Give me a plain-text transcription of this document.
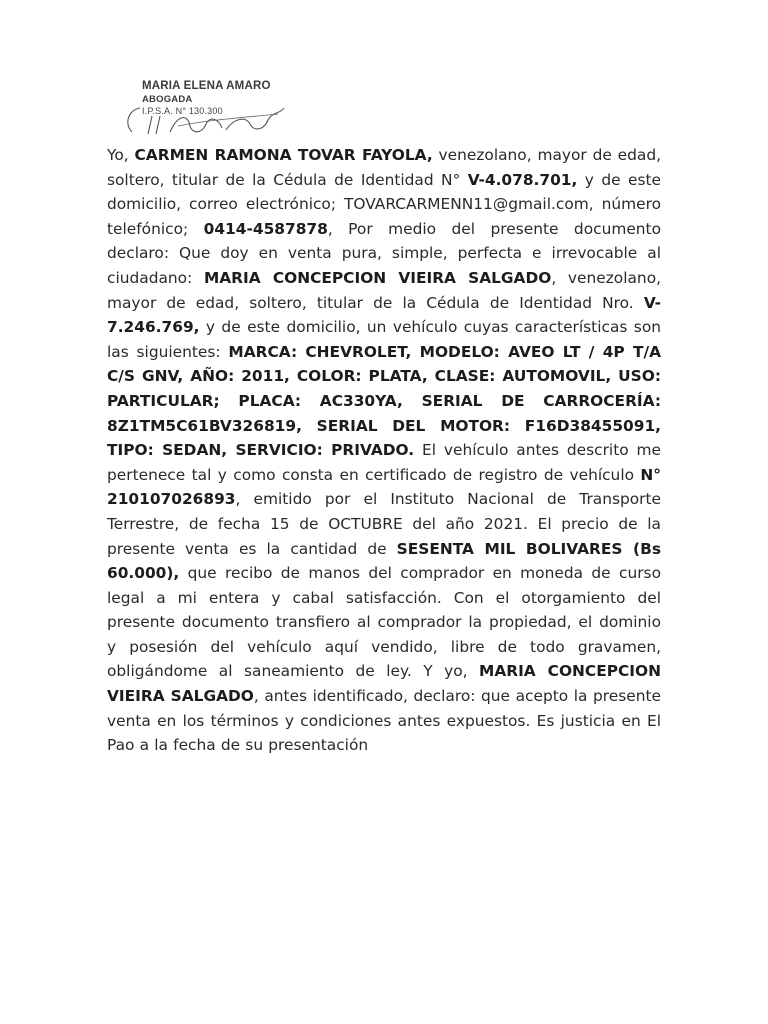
MARIA ELENA AMARO
ABOGADA
I.P.S.A. N° 130.300
Yo, CARMEN RAMONA TOVAR FAYOLA, venezolano, mayor de edad, soltero, titular de la Cédula de Identidad N° V-4.078.701, y de este domicilio, correo electrónico; TOVARCARMENN11@gmail.com, número telefónico; 0414-4587878, Por medio del presente documento declaro: Que doy en venta pura, simple, perfecta e irrevocable al ciudadano: MARIA CONCEPCION VIEIRA SALGADO, venezolano, mayor de edad, soltero, titular de la Cédula de Identidad Nro. V-7.246.769, y de este domicilio, un vehículo cuyas características son las siguientes: MARCA: CHEVROLET, MODELO: AVEO LT / 4P T/A C/S GNV, AÑO: 2011, COLOR: PLATA, CLASE: AUTOMOVIL, USO: PARTICULAR; PLACA: AC330YA, SERIAL DE CARROCERÍA: 8Z1TM5C61BV326819, SERIAL DEL MOTOR: F16D38455091, TIPO: SEDAN, SERVICIO: PRIVADO. El vehículo antes descrito me pertenece tal y como consta en certificado de registro de vehículo N° 210107026893, emitido por el Instituto Nacional de Transporte Terrestre, de fecha 15 de OCTUBRE del año 2021. El precio de la presente venta es la cantidad de SESENTA MIL BOLIVARES (Bs 60.000), que recibo de manos del comprador en moneda de curso legal a mi entera y cabal satisfacción. Con el otorgamiento del presente documento transfiero al comprador la propiedad, el dominio y posesión del vehículo aquí vendido, libre de todo gravamen, obligándome al saneamiento de ley. Y yo, MARIA CONCEPCION VIEIRA SALGADO, antes identificado, declaro: que acepto la presente venta en los términos y condiciones antes expuestos. Es justicia en El Pao a la fecha de su presentación
